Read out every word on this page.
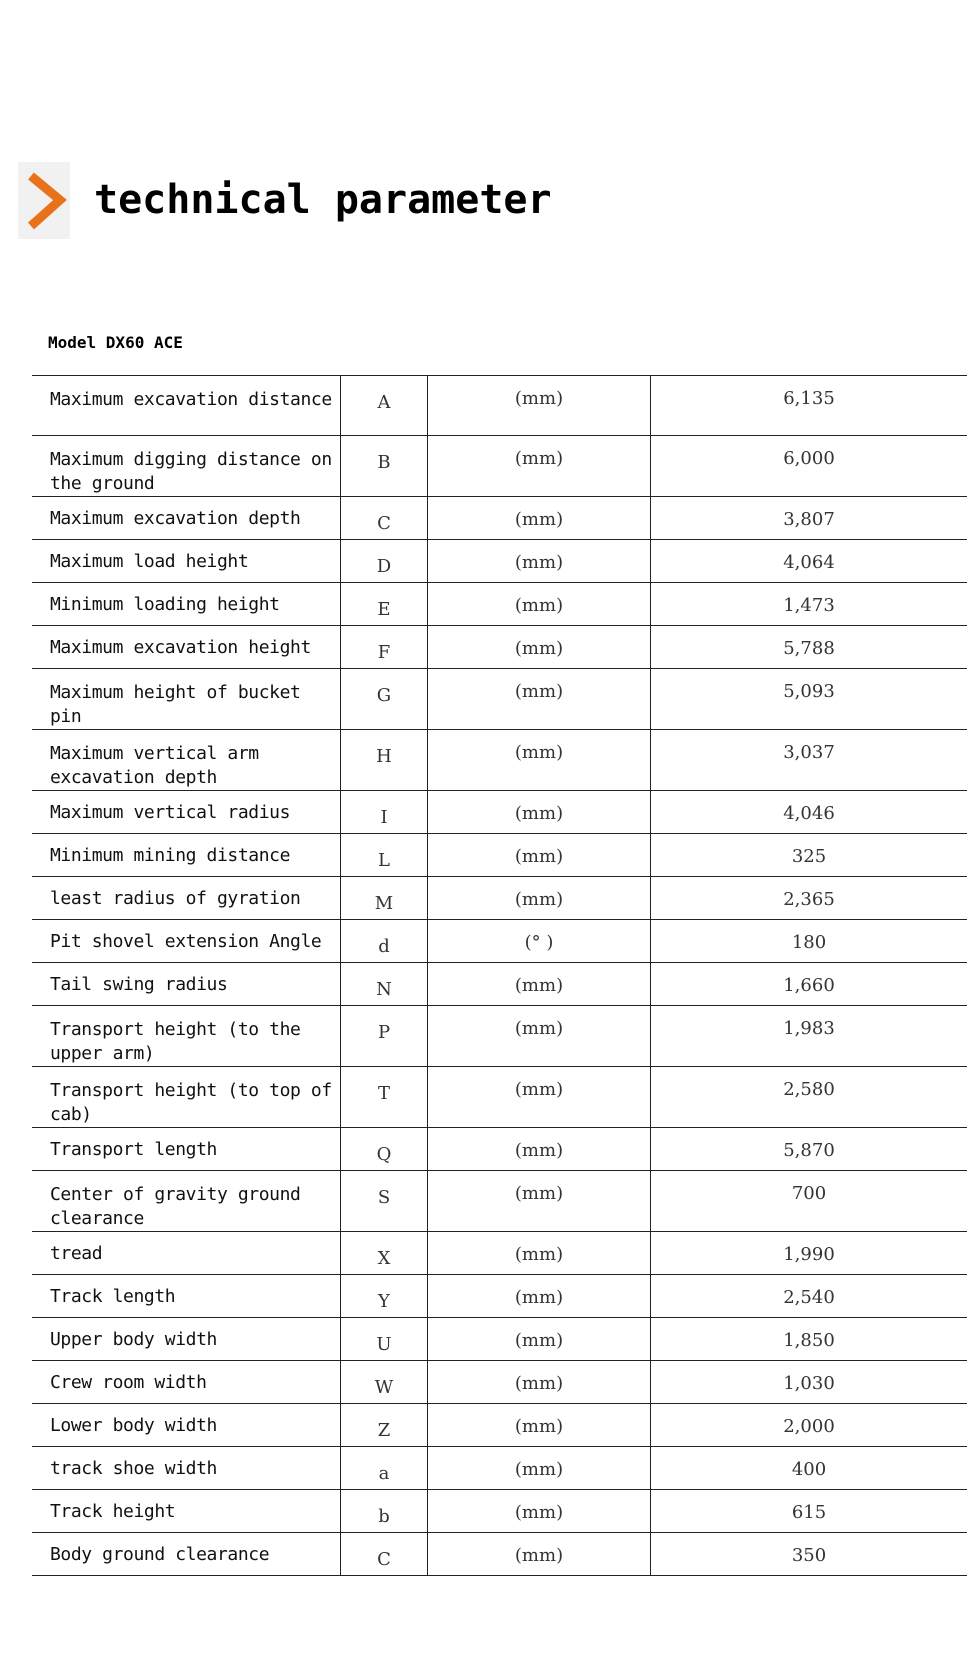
technical parameter
Model DX60 ACE
Maximum excavation distance	A	(mm)	6,135
Maximum digging distance on the ground	B	(mm)	6,000
Maximum excavation depth	C	(mm)	3,807
Maximum load height	D	(mm)	4,064
Minimum loading height	E	(mm)	1,473
Maximum excavation height	F	(mm)	5,788
Maximum height of bucket pin	G	(mm)	5,093
Maximum vertical arm excavation depth	H	(mm)	3,037
Maximum vertical radius	I	(mm)	4,046
Minimum mining distance	L	(mm)	325
least radius of gyration	M	(mm)	2,365
Pit shovel extension Angle	d	(° )	180
Tail swing radius	N	(mm)	1,660
Transport height (to the upper arm)	P	(mm)	1,983
Transport height (to top of cab)	T	(mm)	2,580
Transport length	Q	(mm)	5,870
Center of gravity ground clearance	S	(mm)	700
tread	X	(mm)	1,990
Track length	Y	(mm)	2,540
Upper body width	U	(mm)	1,850
Crew room width	W	(mm)	1,030
Lower body width	Z	(mm)	2,000
track shoe width	a	(mm)	400
Track height	b	(mm)	615
Body ground clearance	C	(mm)	350
